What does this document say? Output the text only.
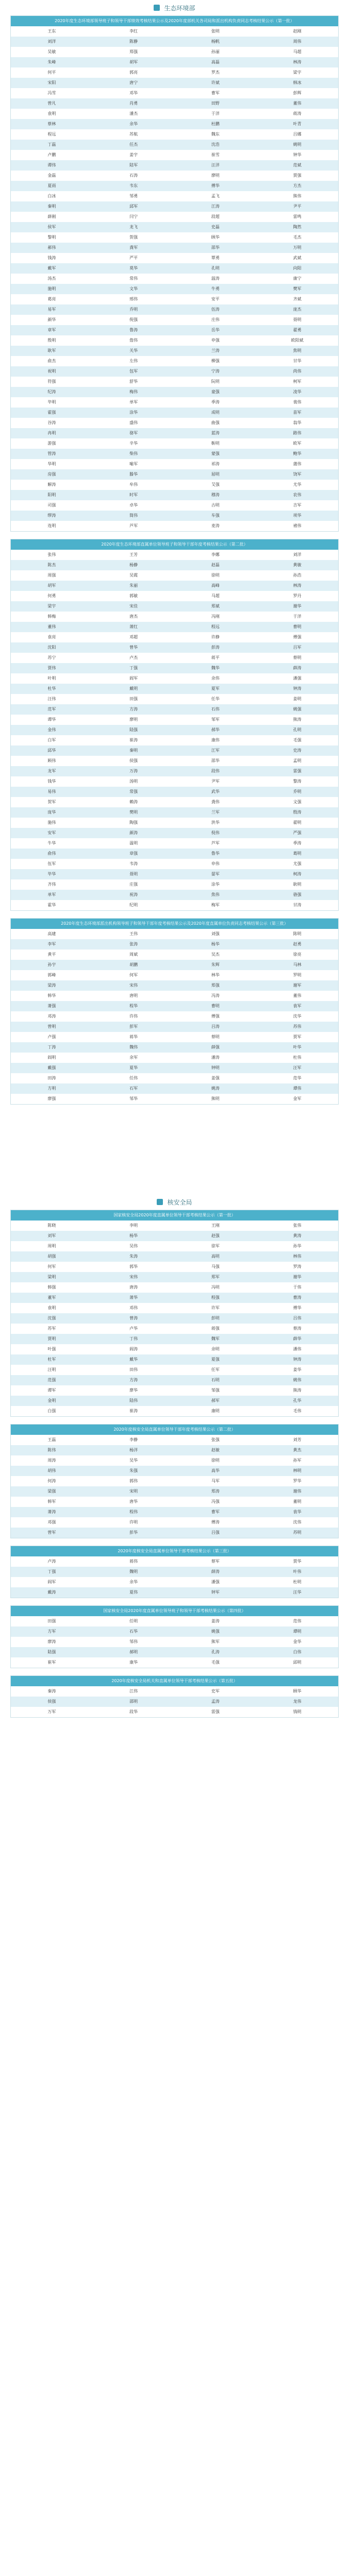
生态环境部
2020年度生态环境部领导班子和领导干部绩效考核结果公示及2020年度部机关各司局和派出机构负责同志考核结果公示（第一批）
王东	李红	张明	赵刚
刘洋	陈静	杨帆	周伟
吴敏	郑强	孙丽	马超
朱峰	胡军	高磊	林涛
何平	郭亮	罗杰	梁宇
宋阳	唐宁	许斌	韩冰
冯雪	邓华	曹军	彭辉
曾凡	肖勇	田野	董伟
袁明	潘杰	于洋	蒋涛
蔡林	余华	杜鹏	叶青
程远	苏航	魏东	吕娜
丁磊	任杰	沈浩	姚明
卢鹏	姜宇	崔雪	钟华
谭伟	陆军	汪洋	范斌
金磊	石涛	廖明	贾强
夏雨	韦东	傅华	方杰
白冰	邹勇	孟飞	熊伟
秦明	邱军	江涛	尹平
薛刚	闫宁	段超	雷鸣
侯军	龙飞	史磊	陶然
黎明	贺强	顾华	毛杰
郝伟	龚军	邵华	万明
钱涛	严平	覃勇	武斌
戴军	莫华	孔明	向阳
汤杰	常伟	温涛	康宁
施明	文华	牛勇	樊军
葛亮	邢伟	安平	齐斌
易军	乔明	伍涛	庞杰
颜华	倪强	庄伟	聂明
章军	鲁涛	岳华	翟勇
殷明	詹伟	申强	欧阳斌
耿军	关华	兰涛	焦明
俞杰	左伟	柳强	甘华
祝明	包军	宁涛	尚伟
符强	舒华	阮明	柯军
纪涛	梅伟	童强	凌华
毕明	单军	季涛	裴伟
霍强	涂华	成明	苗军
谷涛	盛伟	曲强	翁华
冉明	骆军	蓝涛	路伟
游强	辛华	靳明	欧军
管涛	柴伟	蒙强	鲍华
华明	喻军	祁涛	蒲伟
房强	滕华	屈明	饶军
解涛	牟伟	艾强	尤华
阳明	时军	穆涛	农伟
司强	卓华	古明	吉军
缪涛	简伟	车强	项华
连明	芦军	麦涛	褚伟
2020年度生态环境部直属单位领导班子和领导干部年度考核结果公示（第二批）
张伟	王芳	李娜	刘洋
陈杰	杨静	赵磊	黄敏
周强	吴霞	徐明	孙浩
胡军	朱丽	高峰	林涛
何勇	郭敏	马超	罗丹
梁宇	宋佳	郑斌	谢华
韩梅	唐杰	冯刚	于洋
董伟	萧红	程远	曹明
袁亮	邓超	许静	傅强
沈阳	曾华	彭涛	吕军
苏宁	卢杰	蒋平	蔡明
贾伟	丁强	魏华	薛涛
叶明	阎军	余伟	潘强
杜华	戴明	夏军	钟涛
汪伟	田强	任华	姜明
范军	方涛	石伟	姚强
谭华	廖明	邹军	熊涛
金伟	陆强	郝华	孔明
白军	崔涛	康伟	毛强
邱华	秦明	江军	史涛
顾伟	侯强	邵华	孟明
龙军	万涛	段伟	雷强
钱华	汤明	尹军	黎涛
易伟	常强	武华	乔明
贺军	赖涛	龚伟	文强
庞华	樊明	兰军	殷涛
施伟	陶强	洪华	翟明
安军	颜涛	倪伟	严强
牛华	温明	芦军	季涛
俞伟	章强	鲁华	葛明
伍军	韦涛	申伟	尤强
毕华	聂明	晏军	柯涛
齐伟	庄强	涂华	耿明
单军	祝涛	焦伟	骆强
霍华	纪明	梅军	甘涛
2020年度生态环境部派出机构领导班子和领导干部年度考核结果公示及2020年度直属单位负责同志考核结果公示（第三批）
高建	王伟	刘强	陈明
李军	张涛	杨华	赵勇
黄平	周斌	吴杰	徐亮
孙宇	胡鹏	朱辉	马林
郭峰	何军	林华	罗明
梁涛	宋伟	郑强	谢军
韩华	唐明	冯涛	董伟
萧强	程华	曹明	袁军
邓涛	许伟	傅强	沈华
曾明	彭军	吕涛	苏伟
卢强	蒋华	蔡明	贾军
丁涛	魏伟	薛强	叶华
阎明	余军	潘涛	杜伟
戴强	夏华	钟明	汪军
田涛	任伟	姜强	范华
方明	石军	姚涛	谭伟
廖强	邹华	熊明	金军
核安全局
国家核安全局2020年度直属单位领导干部考核结果公示（第一批）
陈晓	李明	王刚	张伟
刘军	杨华	赵强	黄涛
周明	吴伟	徐军	孙华
胡强	朱涛	高明	林伟
何军	郭华	马强	罗涛
梁明	宋伟	郑军	谢华
韩强	唐涛	冯明	于伟
董军	萧华	程强	曹涛
袁明	邓伟	许军	傅华
沈强	曾涛	彭明	吕伟
苏军	卢华	蒋强	蔡涛
贾明	丁伟	魏军	薛华
叶强	阎涛	余明	潘伟
杜军	戴华	夏强	钟涛
汪明	田伟	任军	姜华
范强	方涛	石明	姚伟
谭军	廖华	邹强	熊涛
金明	陆伟	郝军	孔华
白强	崔涛	康明	毛伟
2020年度核安全局直属单位领导干部年度考核结果公示（第二批）
王磊	李静	张强	刘芳
陈伟	杨洋	赵敏	黄杰
周涛	吴华	徐明	孙军
胡伟	朱强	高华	林明
何涛	郭伟	马军	罗华
梁强	宋明	郑涛	谢伟
韩军	唐华	冯强	董明
萧涛	程伟	曹军	袁华
邓强	许明	傅涛	沈伟
曾军	彭华	吕强	苏明
2020年度核安全局直属单位领导干部考核结果公示（第三批）
卢涛	蒋伟	蔡军	贾华
丁强	魏明	薛涛	叶伟
阎军	余华	潘强	杜明
戴涛	夏伟	钟军	汪华
国家核安全局2020年度直属单位领导班子和领导干部考核结果公示（第四批）
田强	任明	姜涛	范伟
方军	石华	姚强	谭明
廖涛	邹伟	熊军	金华
陆强	郝明	孔涛	白伟
崔军	康华	毛强	邱明
2020年度核安全局机关和直属单位领导干部考核结果公示（第五批）
秦涛	江伟	史军	顾华
侯强	邵明	孟涛	龙伟
万军	段华	雷强	钱明
